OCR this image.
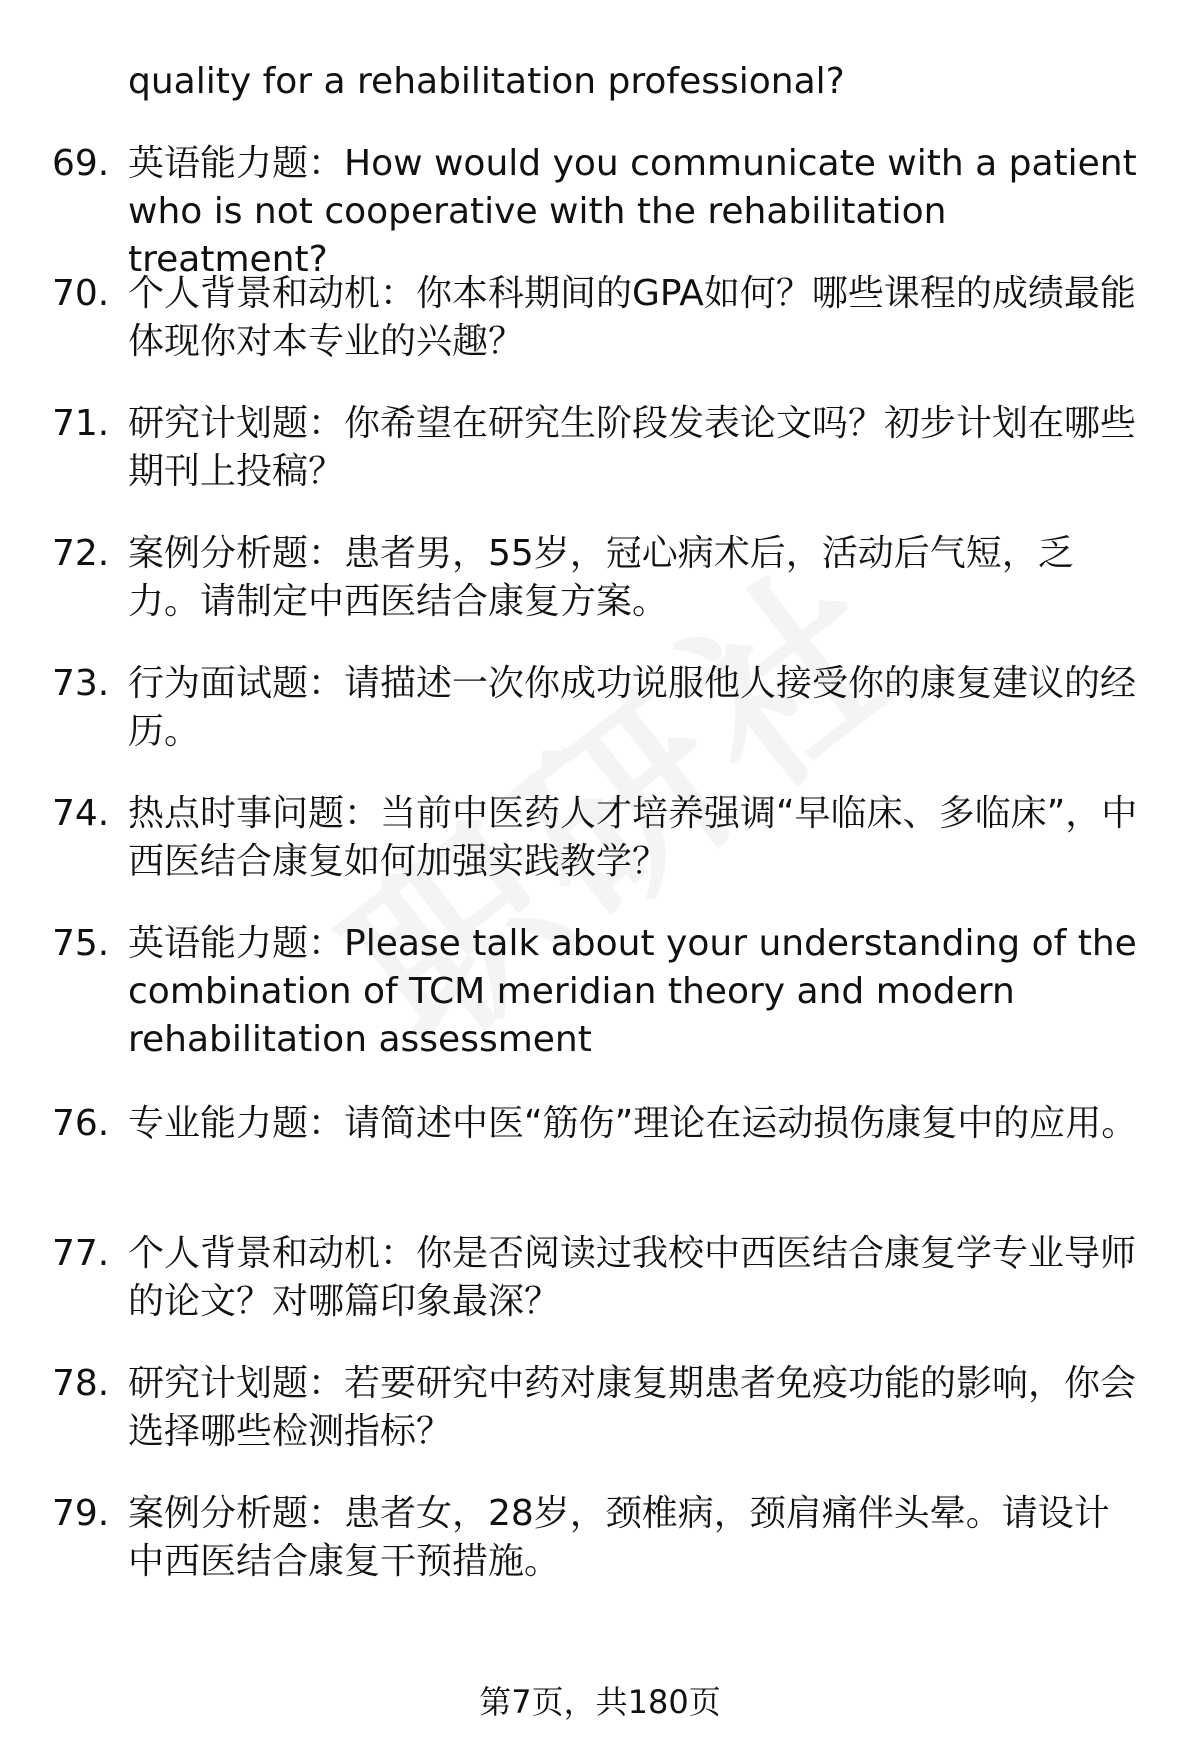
quality for a rehabilitation professional?

69. 英语能力题：How would you communicate with a patient who is not cooperative with the rehabilitation treatment?
70. 个人背景和动机：你本科期间的GPA如何？哪些课程的成绩最能体现你对本专业的兴趣？
71. 研究计划题：你希望在研究生阶段发表论文吗？初步计划在哪些期刊上投稿？
72. 案例分析题：患者男，55岁，冠心病术后，活动后气短，乏力。请制定中西医结合康复方案。
73. 行为面试题：请描述一次你成功说服他人接受你的康复建议的经历。
74. 热点时事问题：当前中医药人才培养强调“早临床、多临床”，中西医结合康复如何加强实践教学？
75. 英语能力题：Please talk about your understanding of the combination of TCM meridian theory and modern rehabilitation assessment
76. 专业能力题：请简述中医“筋伤”理论在运动损伤康复中的应用。
77. 个人背景和动机：你是否阅读过我校中西医结合康复学专业导师的论文？对哪篇印象最深？
78. 研究计划题：若要研究中药对康复期患者免疫功能的影响，你会选择哪些检测指标？
79. 案例分析题：患者女，28岁，颈椎病，颈肩痛伴头晕。请设计中西医结合康复干预措施。
第7页，共180页
